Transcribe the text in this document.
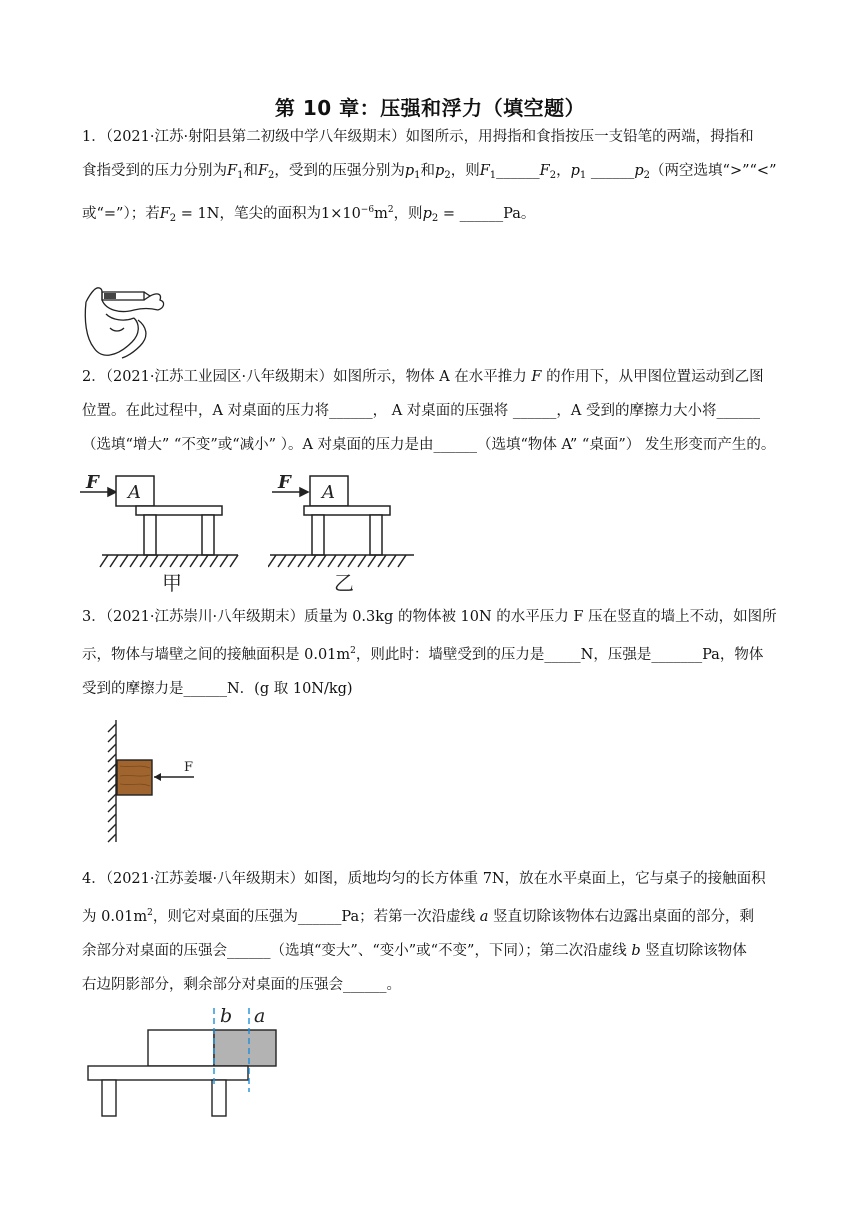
第 10 章：压强和浮力（填空题）
1．（2021·江苏·射阳县第二初级中学八年级期末）如图所示，用拇指和食指按压一支铅笔的两端，拇指和
食指受到的压力分别为$F_1$和$F_2$，受到的压强分别为$p_1$和$p_2$，则$F_1\_\_\_\_\_\_F_2$，$p_1$ $\_\_\_\_\_\_p_2$（两空选填“>”“<”
或“=”）；若$F_2 = 1N$，笔尖的面积为$1\times 10^{-6}m^2$，则$p_2$ = ______Pa。
2．（2021·江苏工业园区·八年级期末）如图所示，物体 A 在水平推力 F 的作用下，从甲图位置运动到乙图
位置。在此过程中，A 对桌面的压力将______， A 对桌面的压强将 ______，A 受到的摩擦力大小将______
（选填“增大” “不变”或“减小” ）。A 对桌面的压力是由______（选填“物体 A” “桌面”） 发生形变而产生的。
F A
甲
F A
乙
3．（2021·江苏崇川·八年级期末）质量为 0.3kg 的物体被 10N 的水平压力 F 压在竖直的墙上不动，如图所
示，物体与墙壁之间的接触面积是 $0.01m^2$，则此时：墙壁受到的压力是_____N，压强是_______Pa，物体
受到的摩擦力是______N．(g 取 10N/kg)
F
4．（2021·江苏姜堰·八年级期末）如图，质地均匀的长方体重 7N，放在水平桌面上，它与桌子的接触面积
为 $0.01m^2$，则它对桌面的压强为______Pa；若第一次沿虚线 a 竖直切除该物体右边露出桌面的部分，剩
余部分对桌面的压强会______（选填“变大”、“变小”或“不变”，下同）；第二次沿虚线 b 竖直切除该物体
右边阴影部分，剩余部分对桌面的压强会______。
b a
